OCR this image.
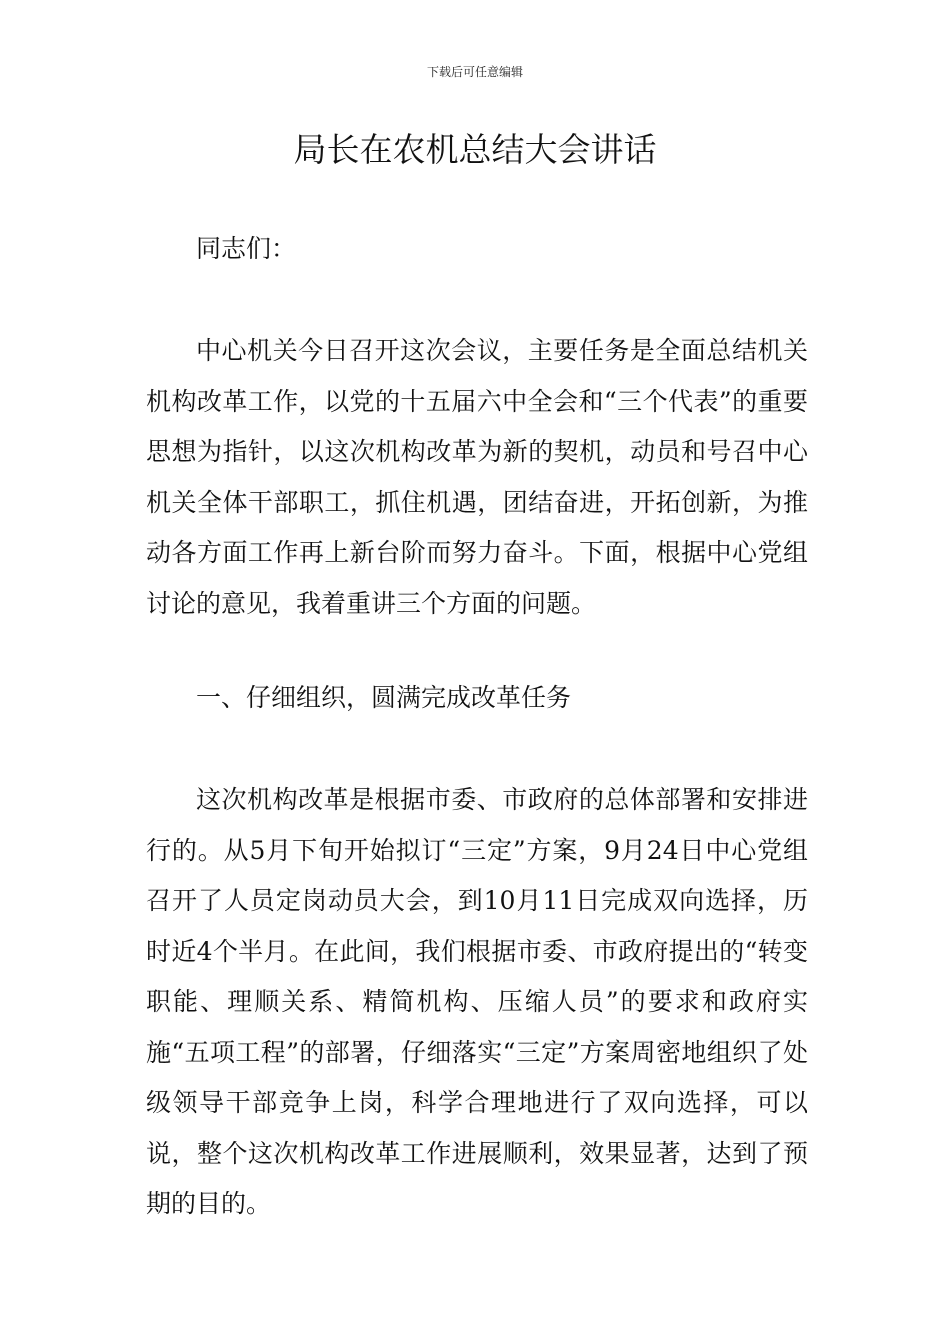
下载后可任意编辑
局长在农机总结大会讲话

同志们：

中心机关今日召开这次会议，主要任务是全面总结机关机构改革工作，以党的十五届六中全会和“三个代表”的重要思想为指针，以这次机构改革为新的契机，动员和号召中心机关全体干部职工，抓住机遇，团结奋进，开拓创新，为推动各方面工作再上新台阶而努力奋斗。下面，根据中心党组讨论的意见，我着重讲三个方面的问题。

一、仔细组织，圆满完成改革任务

这次机构改革是根据市委、市政府的总体部署和安排进行的。从5月下旬开始拟订“三定”方案，9月24日中心党组召开了人员定岗动员大会，到10月11日完成双向选择，历时近4个半月。在此间，我们根据市委、市政府提出的“转变职能、理顺关系、精简机构、压缩人员”的要求和政府实施“五项工程”的部署，仔细落实“三定”方案周密地组织了处级领导干部竞争上岗，科学合理地进行了双向选择，可以说，整个这次机构改革工作进展顺利，效果显著，达到了预期的目的。
